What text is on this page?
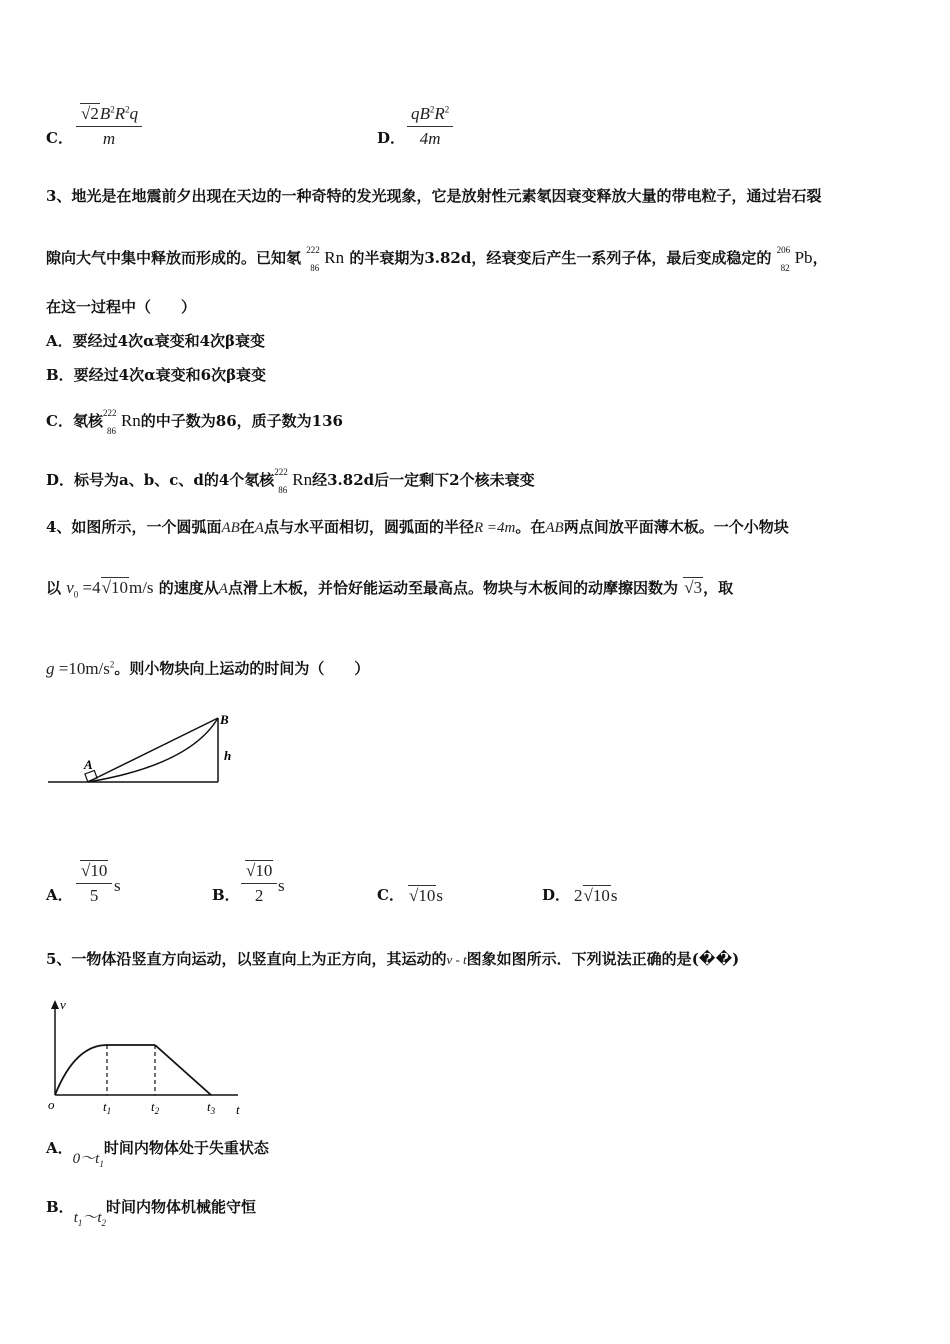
C． $\frac{√2B^2R^2q}{m}$	D． $\frac{qB^2R^2}{4m}$
3、地光是在地震前夕出现在天边的一种奇特的发光现象，它是放射性元素氡因衰变释放大量的带电粒子，通过岩石裂
隙向大气中集中释放而形成的。已知氡 222
86
Rn 的半衰期为3.82d，经衰变后产生一系列子体，最后变成稳定的 206
82
Pb，
在这一过程中（　　）
A．要经过4次α衰变和4次β衰变
B．要经过4次α衰变和6次β衰变
C．氡核 222
86
Rn的中子数为86，质子数为136
D．标号为a、b、c、d的4个氡核 222
86
Rn经3.82d后一定剩下2个核未衰变
4、如图所示，一个圆弧面AB在A点与水平面相切，圆弧面的半径R =4m。在AB两点间放平面薄木板。一个小物块
以 $v_0 =4√10m/s$ 的速度从A点滑上木板，并恰好能运动至最高点。物块与木板间的动摩擦因数为 √3，取
$g =10m/s^2$。则小物块向上运动的时间为（　　）
A
B
h
A． $\frac{√10}{5}$ s	B． $\frac{√10}{2}$ s	C． √10s	D． 2√10s
5、一物体沿竖直方向运动，以竖直向上为正方向，其运动的v - t图象如图所示．下列说法正确的是(��)
v
t
o	$t_1$	$t_2$	$t_3$
A．$0\sim t_1$时间内物体处于失重状态
B．$t_1\sim t_2$时间内物体机械能守恒
